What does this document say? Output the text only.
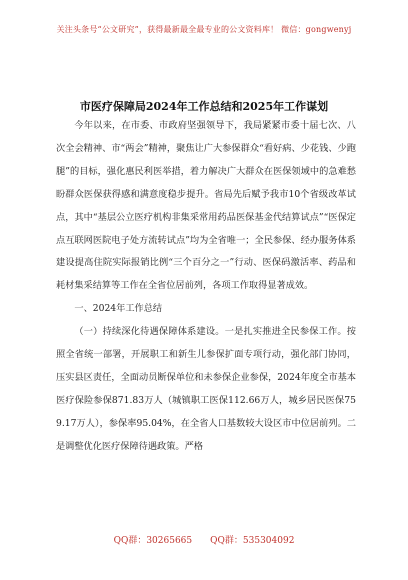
关注头条号“公文研究”，获得最新最全最专业的公文资料库！ 微信：gongwenyj
市医疗保障局2024年工作总结和2025年工作谋划

今年以来，在市委、市政府坚强领导下，我局紧紧市委十届七次、八次全会精神、市“两会”精神，聚焦让广大参保群众“看好病、少花钱、少跑腿”的目标，强化惠民利医举措，着力解决广大群众在医保领域中的急难愁盼群众医保获得感和满意度稳步提升。省局先后赋予我市10个省级改革试点，其中“基层公立医疗机构非集采常用药品医保基金代结算试点”“医保定点互联网医院电子处方流转试点”均为全省唯一；全民参保、经办服务体系建设提高住院实际报销比例“三个百分之一”行动、医保码激活率、药品和耗材集采结算等工作在全省位居前列，各项工作取得显著成效。

一、2024年工作总结

（一）持续深化待遇保障体系建设。一是扎实推进全民参保工作。按照全省统一部署，开展职工和新生儿参保扩面专项行动，强化部门协同，压实县区责任，全面动员断保单位和未参保企业参保，2024年度全市基本医疗保险参保871.83万人（城镇职工医保112.66万人，城乡居民医保759.17万人），参保率95.04%，在全省人口基数较大设区市中位居前列。二是调整优化医疗保障待遇政策。严格

QQ群：30265665 QQ群：535304092
